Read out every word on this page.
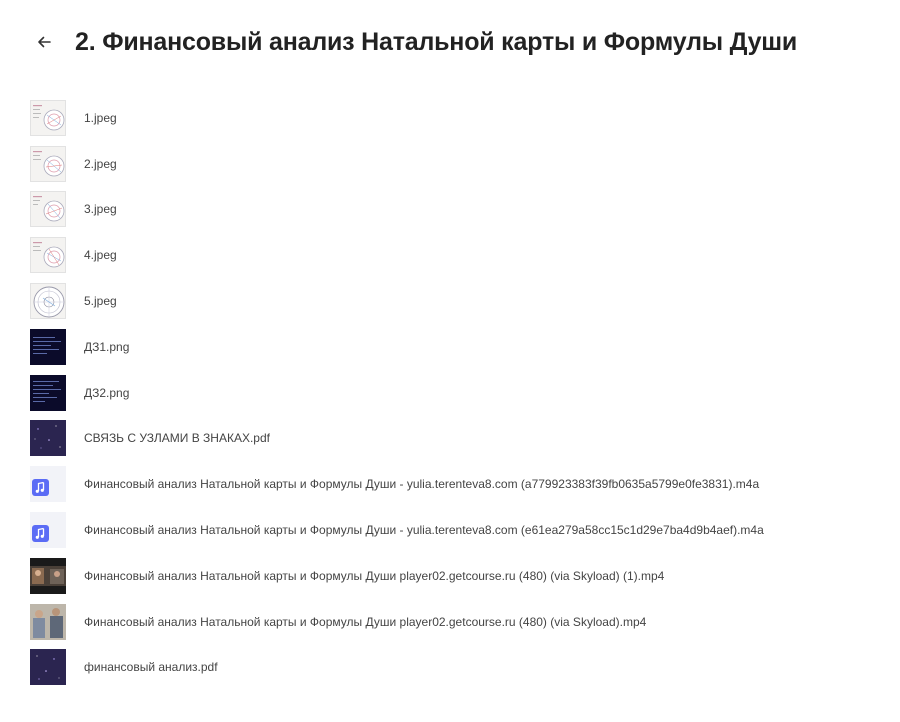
2. Финансовый анализ Натальной карты и Формулы Души
1.jpeg
2.jpeg
3.jpeg
4.jpeg
5.jpeg
ДЗ1.png
ДЗ2.png
СВЯЗЬ С УЗЛАМИ В ЗНАКАХ.pdf
Финансовый анализ Натальной карты и Формулы Души - yulia.terenteva8.com (a779923383f39fb0635a5799e0fe3831).m4a
Финансовый анализ Натальной карты и Формулы Души - yulia.terenteva8.com (e61ea279a58cc15c1d29e7ba4d9b4aef).m4a
Финансовый анализ Натальной карты и Формулы Души player02.getcourse.ru (480) (via Skyload) (1).mp4
Финансовый анализ Натальной карты и Формулы Души player02.getcourse.ru (480) (via Skyload).mp4
финансовый анализ.pdf
